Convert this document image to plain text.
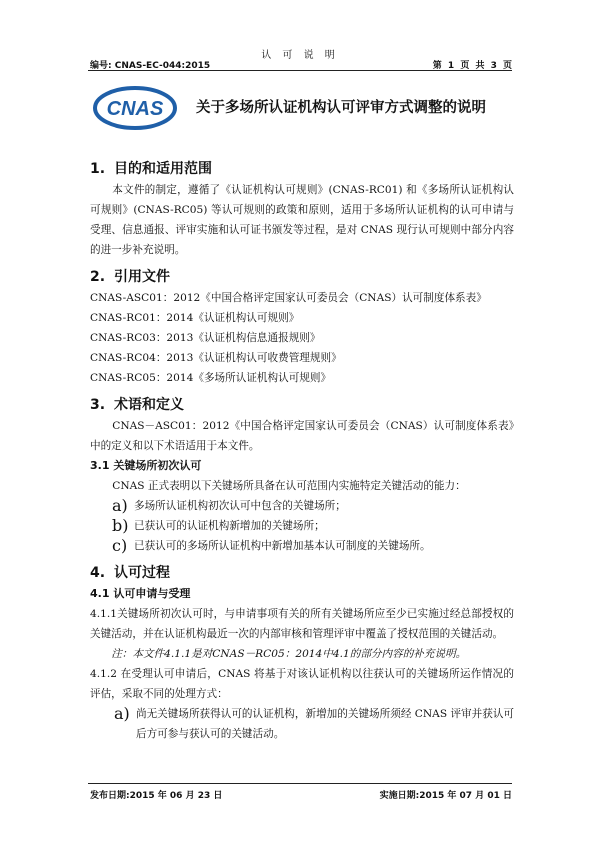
认 可 说 明
编号: CNAS-EC-044:2015	第 1 页 共 3 页
CNAS 关于多场所认证机构认可评审方式调整的说明
1. 目的和适用范围

本文件的制定，遵循了《认证机构认可规则》(CNAS-RC01) 和《多场所认证机构认可规则》(CNAS-RC05) 等认可规则的政策和原则，适用于多场所认证机构的认可申请与受理、信息通报、评审实施和认可证书颁发等过程，是对 CNAS 现行认可规则中部分内容的进一步补充说明。

2. 引用文件

CNAS-ASC01：2012《中国合格评定国家认可委员会（CNAS）认可制度体系表》

CNAS-RC01：2014《认证机构认可规则》

CNAS-RC03：2013《认证机构信息通报规则》

CNAS-RC04：2013《认证机构认可收费管理规则》

CNAS-RC05：2014《多场所认证机构认可规则》

3. 术语和定义

CNAS－ASC01：2012《中国合格评定国家认可委员会（CNAS）认可制度体系表》中的定义和以下术语适用于本文件。

3.1 关键场所初次认可

CNAS 正式表明以下关键场所具备在认可范围内实施特定关键活动的能力：

a) 多场所认证机构初次认可中包含的关键场所；

b) 已获认可的认证机构新增加的关键场所；

c) 已获认可的多场所认证机构中新增加基本认可制度的关键场所。

4. 认可过程
4.1 认可申请与受理

4.1.1关键场所初次认可时，与申请事项有关的所有关键场所应至少已实施过经总部授权的关键活动，并在认证机构最近一次的内部审核和管理评审中覆盖了授权范围的关键活动。

注：本文件4.1.1是对CNAS－RC05：2014中4.1的部分内容的补充说明。

4.1.2 在受理认可申请后，CNAS 将基于对该认证机构以往获认可的关键场所运作情况的评估，采取不同的处理方式：

a) 尚无关键场所获得认可的认证机构，新增加的关键场所须经 CNAS 评审并获认可后方可参与获认可的关键活动。

发布日期:2015 年 06 月 23 日	实施日期:2015 年 07 月 01 日
